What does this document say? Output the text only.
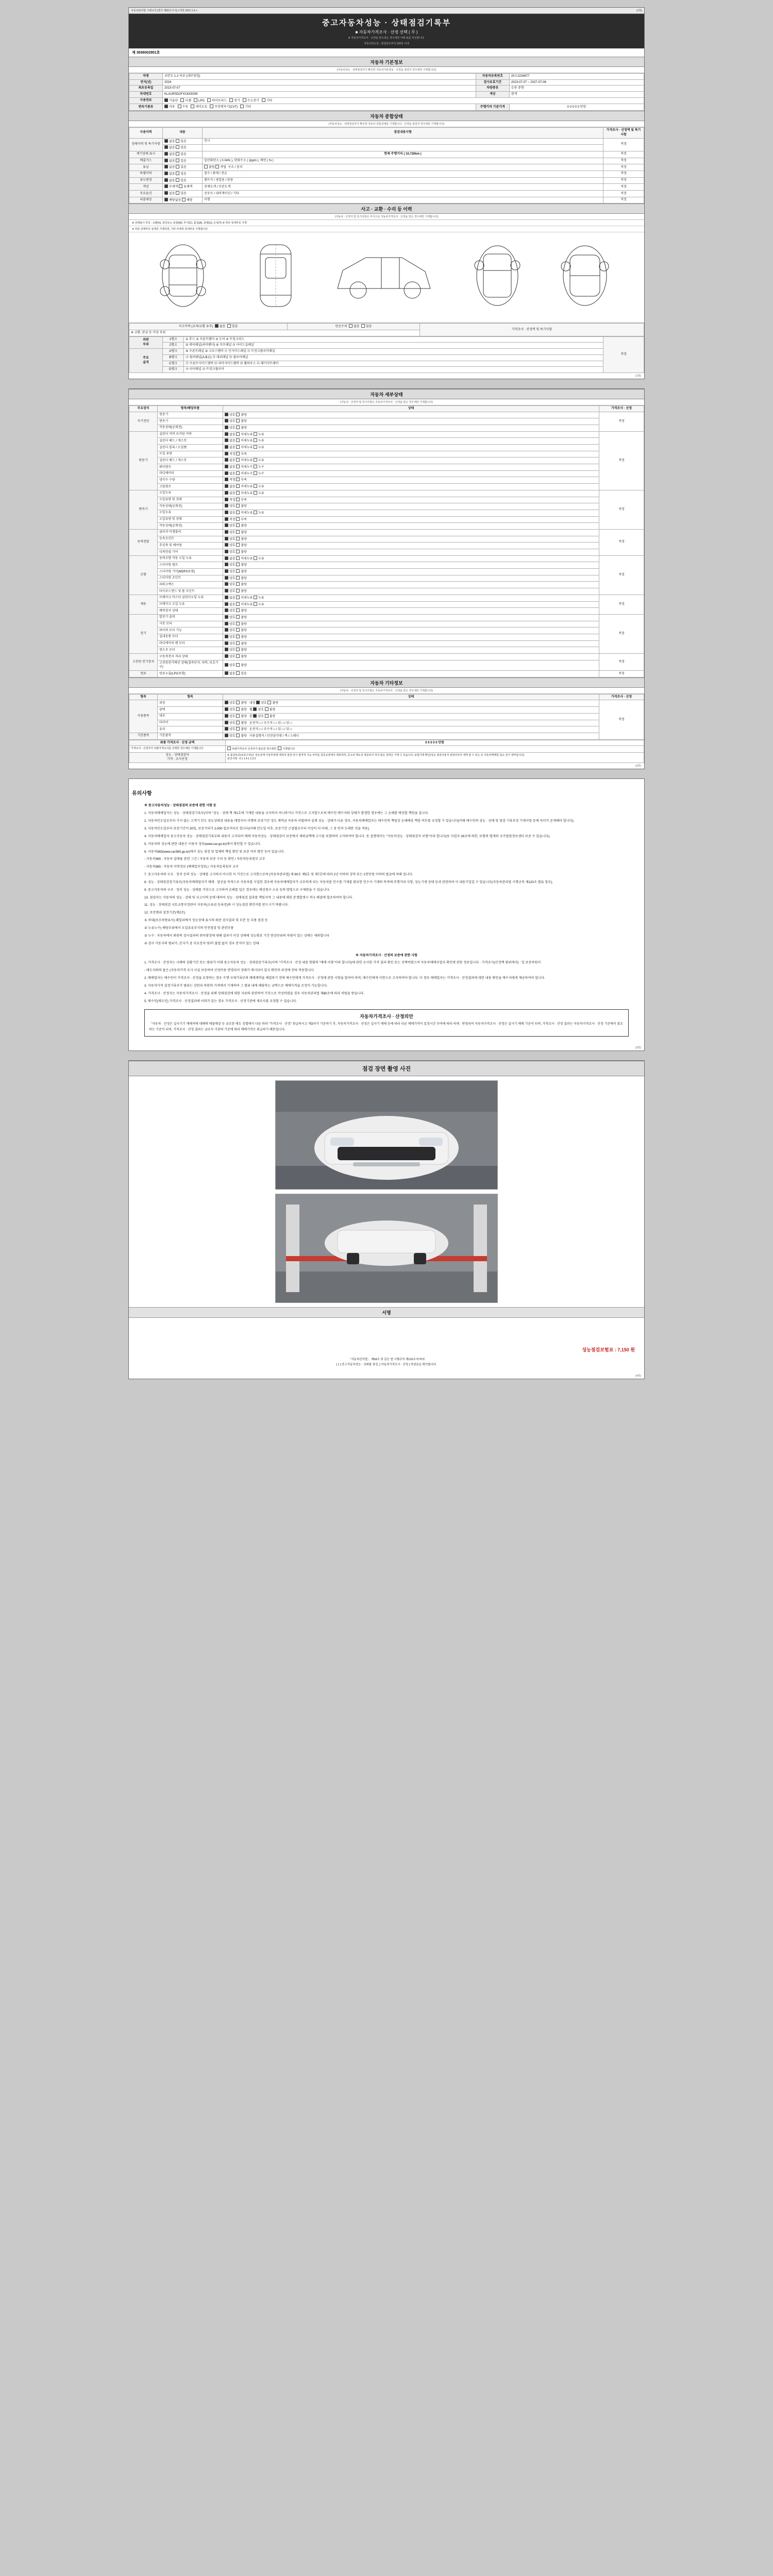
자동차관리법 시행규칙 [별지 제82호서식] <개정 2021.1.6.>	(1쪽)
중고자동차성능 · 상태점검기록부
■ 자동차가격조사 · 산정 선택 ( 무 )
※ 자동차가격조사 · 산정을 받으려는 경우에만 아래 표를 작성합니다.
자동차인도일 : 점검일로부터 120일 이내
제 3836002901호
자동차 기본정보
(자동차성능 · 상태점검자가 확인한 자동차기본정보 · 산정을 점검자 경우에만 기재합니다)
차명	코란도 1.2 터보 (내부영업)	자동차등록번호	20오2234877
연식(년)	2024	검사유효기간	2023-07-07 ~ 2027-07-06
최초등록일	2023-07-07	차량종류	승용 중형
차대번호	KLAURSD2FXC6X5009	색상	흰색
사용연료	가솔린 디젤 LPG 하이브리드 전기 수소전기 기타		
변속기종류	자동 수동 세미오토 무단변속기(CVT) 기타	주행거리 기준가격	0 0 0 0 0 만원
자동차 종합상태
(자동차성능 · 상태점검자가 확인한 자동차 종합상태를 기재합니다 · 산정을 점검자 경우에만 기재합니다)
사용이력	내용	점검내용사항	가격조사 · 산정액 및 특기사항
상태이력 및 특기사항	없음 있음	전시	적정
	없음 있음		
계기상태 표시	없음 있음	현재 주행거리 ( 10,720km )	적정
배출가스	없음 있음	일산화탄소 ( 0.04% ), 탄화수소 ( 2ppm ), 매연 ( % )	적정
튜닝	없음 있음	불법 적법 구조 / 장치	적정
특별이력	없음 있음	침수 / 화재 / 전손	적정
용도변경	없음 있음	렌트카 / 영업용 / 관용	적정
색상	무채색 유채색	전체도색 / 부분도색	적정
주요옵션	없음 있음	선루프 / 내비게이션 / 기타	적정
리콜대상	해당없음 해당	이행	적정
사고 · 교환 · 수리 등 이력
(자동차 · 산정자 및 특기사항은 부식으로 자동차가격조사 · 산정을 받은 경우에만 기재합니다)
※ 상태표시 부호 : 교환(X), 판금또는 용접(W), 부식(C), 흠집(A), 굴절(U), 손상(T) ※ 하단 상세부호 기재
※ 하단 상태부호 상세히 기재하면, 기타 차체적 상세부호 기재합니다
사고이력 (교차/교환 유무) 없음  있음	단순수리 없음  있음	가격조사 · 산정액 및 특기사항
※ 교환, 판금 등 이상 부위
외판
부위	1랭크	① 후드 ② 프론트펜더 ③ 도어 ④ 트렁크리드	적정
	2랭크	⑤ 쿼터패널(리어펜더) ⑥ 루프패널 ⑦ 사이드실패널	
주요
골격	A랭크	⑧ 프론트패널 ⑨ 크로스맴버 ⑪ 인사이드패널 ⑫ 트렁크플로어패널	
	B랭크	⑬ 필러패널(A,B,C) ⑮ 대쉬패널 ⑯ 플로어패널	
	C랭크	⑰ 프론트사이드맴버 ⑱ 리어사이드맴버 ⑳ 휠하우스 ㉑ 패키지트레이	
	D랭크	⑲ 리어패널 ㉒ 트렁크플로어	
(1쪽)
자동차 세부상태
(자동차 · 산정자 및 특기사항은 자동차가격조사 · 산정을 받은 경우에만 기재합니다)
주요장치	항목/해당부품	상태	가격조사 · 산정
자기진단	원동기	양호 불량	적정
	변속기	양호 불량	
	작동상태(공회전)	양호 불량	
원동기	실린더 커버 로커암 커버	없음 미세누유 누유	적정
	실린더 헤드 / 개스킷	없음 미세누유 누유	
	실린더 블록 / 오일팬	없음 미세누유 누유	
	오일 유량	적정 부족	
	실린더 헤드 / 개스킷	없음 미세누유 누유	
	워터펌프	없음 미세누수 누수	
	라디에이터	없음 미세누수 누수	
	냉각수 수량	적정 부족	
	고압펌프	없음 미세누유 누유	
변속기	오일누유	없음 미세누유 누유	적정
	오일유량 및 상태	적정 부족	
	작동상태(공회전)	양호 불량	
	오일누유	없음 미세누유 누유	
	오일유량 및 상태	적정 부족	
	작동상태(공회전)	양호 불량	
동력전달	클러치 어셈블리	양호 불량	적정
	등속조인트	양호 불량	
	추진축 및 베어링	양호 불량	
	디퍼런셜 기어	양호 불량	
조향	동력조향 작동 오일 누유	없음 미세누유 누유	적정
	스티어링 펌프	양호 불량	
	스티어링 기어(MDPS포함)	양호 불량	
	스티어링 조인트	양호 불량	
	파워크랙스	양호 불량	
	타이로드엔드 및 볼 조인트	양호 불량	
제동	브레이크 마스터 실린더오일 누유	없음 미세누유 누유	적정
	브레이크 오일 누유	없음 미세누유 누유	
	배력장치 상태	양호 불량	
전기	발전기 출력	양호 불량	적정
	시동 모터	양호 불량	
	와이퍼 모터 기능	양호 불량	
	실내송풍 모터	양호 불량	
	라디에이터 팬 모터	양호 불량	
	윈도우 모터	양호 불량	
고전원 전기장치	구동축전지 격리 상태	양호 불량	적정
	고전원전기배선 상태(접속단자, 피복, 보호기구)	양호 불량	
연료	연료누출(LPG포함)	없음 있음	적정
자동차 기타정보
(자동차 · 산정자 및 특기사항은 자동차가격조사 · 산정을 받은 경우에만 기재합니다)
항목	항목	상태	가격조사 · 산정
사용품목	외장	양호 불량 내장 양호 불량	적정
	광택	양호 불량 휠 양호 불량	
	내부	양호 불량 룸 양호 불량	
	타이어	양호 불량 운전석 □ / 조수석 □ / 뒤 □ / 뒤 □	
	유리	양호 불량 운전석 □ / 조수석 □ / 뒤 □ / 뒤 □	
기본품목	기본품목	양호 불량 사용설명서 / 안전삼각대 / 잭 / 스패너	
최종 가격조사 · 산정 금액	0 0 0 0 0 만원
가격조사 · 산정자가 차량가격조사를 선택한 경우에만 기재합니다	차량가격조사 산정자가 필요한 경우에만 기재합니다

성능 · 상태점검자
가격 · 조사산정

※ 품질보증(보증수리)은 성능상태 이상부위에 대하여 점검 당시 합격적 기능 여부를 검증규정에서 제외하며, 중고차 매도상 제공되지 하지 않은 입력은 기재 수 있습니다. 보험가액 확인(성능 점검사용자 권위의사의 내역 및 수 있는 등 자동차매매업 업소 전기 내역입니다)
본인서명 : 0 1 1 4 1 1 0 2
(2쪽)
유의사항

※ 중고자동차성능 · 상태점검의 보증에 관한 사항 등

1. 자동차매매업자는 성능 · 상태점검기록부(이하 "성능 · 상태 책 제1호에 기재한 내용을 교지하지 아니하거나 거짓으로 고지할으로써 매수인 매수자와 상태가 발생한 경우에는 그 손해를 배상할 책임을 집니다.

2. 자동차인도일로부터 가지 않는 고객기 인도 성능상태검 내용을 매장부터 이행의 보증기간 정도 계약금 자동차 처벌하여 실제 성능 · 상태가 다른 경우, 자동차매매업자는 매수인의 책임상 손해배상 책임 여부를 규정할 수 있습니다(이때 매수인의 성능 · 상태 및 점검 기록부상 기재사항 등에 차이가 존재해야 합니다).

3. 자동차인도일부터 보증기간이 30일, 보증거리가 2,000 킬로미터로 합니다(이때 인도일 이후, 보증기간 근접될로부터 이상이 더 아래, 그 중 먼저 도래한 것을 적용).

4. 자동차매매업자 중고자동차 성능 · 상태점검기록부와 내용이 고지되어 매매 자동차성능 · 상태점검이 보증에서 제외금액에 고시를 포함하며 고지하여야 합니다. 동 설명에서는 "자동차성능 · 상태점검자 보험"이라 합니다(동 사업자 26조에 의한, 보험의 별개의 국가법령정보센터 보증 수 있습니다).

5. 자동차의 성능에 관한 내용은 이용자 정보(www.car.go.kr)에서 확인할 수 있습니다.

6. 자동차365(www.car365.go.kr)에서 성능 점검 및 업체의 책임 확인 및 보증 여부 확인 등이 있습니다.

- 자동차365 : 자동차 실매물 관련 그간 / 자동차 보증 수리 등 확인 / 자동차등록원부 교부

- 자동차365 : 자동차 이력정보 (매매업자정보) / 자동차등록원부 교부

7. 중고자동차의 구조 · 장치 등의 성능 · 상태를 고지하지 아니한 자 거짓으로 고지함으로써 [자동차관리법] 제 80조 제5호 및 제7호에 따라 2년 이하의 징역 또는 2천만원 이하의 벌금에 처해 집니다.

8. 성능 · 상태점검장기록부(자동차매매업자가 매매 · 알선을 목적으로 자동차를 구입한 경우에 자동차매매업자가 교부하게 되는 자동차를 인수를 기재를 완료한 인수자 기재의 목적에 주행거리 사항, 성능기재 상태 등과 관련하여 이 내용기입일 수 있습니다(자동차관리법 시행규칙 제120조 별표 참조).

9. 중고자동차의 구조 · 장치 성능 · 상태를 거짓으로 고지하여 손해를 입은 경우에는 배상청구 소송 등의 방법으로 구제받을 수 있습니다.

10. 점검자는 자동차의 성능 · 상태 및 사고이력 등에 대하여 성능 · 상태점검 결과를 책임지며 그 내용에 대한 분쟁발생시 적극 해결에 협조하여야 합니다.

11. 성능 · 상태점검 국토교통부장관이 자동차(소유권 등록증)와 시 성능점검 확인서를 받으시기 바랍니다.

12. 보증범위 설정기준(제2조)

① 차대(보조차량유사) 패밀리에서 성능상태 표시의 외판 검사결과 및 부분 등 부품 점검 등

② 누유누수) 해당부위에서 오일유류부식의 안전점검 및 관련부품

③ 누수 : 자동차에서 외판의 검사결과의 취득함정에 대해 결과가 이상 상태에 성능확보 기간 현상단위의 차량이 있는 상태는 제외합니다

④ 검사 가동지의 범위가, 본지가 중 주요장치 및/비 불법 없이 경우 분석이 있는 상태

※ 자동차가격조사 · 산정의 보증에 관한 사항

1. 가격조사 · 산정자는 사례의 상황기간 또는 범위가 미래 중고자동차 성능 · 상태검증기록부(이하 "가격조사 · 산정 내용 현황의 "매매 사항"이라 합니다)에 관한 조사한 가격 결과 확인 또는 선택하였으며 자동차매매사업자 확인에 관한 정보입니다 · 가격조사(산정액 범위에서) · 일 보증차원이

- 매도자와의 물은 (자동차가격 조사 사실 보증하여 산정비용 변경되어 상태가 제시되어 있지 확인하 과정에 전혀 적용합니다

2. 매매업자는 매수인이 가격조사 · 산정을 요청하는 경우 수행 국제기록부의 매매계약을 체결하기 전에 매수인에게 가격조사 · 산정에 관한 사항을 알려야 하며, 매수인에게 서면으로 고지하여야 합니다. 이 경우 매매업자는 가격조사 · 산정결과에 대한 내용 확인을 매수자에게 제공하여야 합니다.

3. 자동차가격 설정기록부가 범위는 상한과 하한의 가격에서 기재하며 그 범위 내에 해당하는 금액으로 매매가격을 조정이 가능합니다.

4. 가격조사 · 산정자는 자동차가격조사 · 산정을 위해 상태점검에 대한 자료와 관련하여 거짓으로 작성하였을 경우 자동차관리법 제80조에 따라 처벌을 받습니다.

5. 매수인(매도인) 가격조사 · 산정결과에 이의가 있는 경우 가격조사 · 산정기관에 재조사를 요청할 수 있습니다.

자동차가격조사 · 산정의안
「자동차 · 산정은 실사기기 매매저에 대해에 매물매장 등 금조한 매도 성별에서 다른 따라 "가격조사 · 산정" 취급하시고 제3자가 기준하기 후, 자동차가격조사 · 산정은 실사기 매매 등에 따라 다른 매매가격이 일정시간 부여에 따라 의제 · 반영되며 자동차가격조사 · 산정은 실사기 매매 기준이 되며, 가격조사 · 산정 결과는 자동차가격조사 · 산정 기준에서 참조하는 기준이 되며, 가격조사 · 산정 결과는 금조사 기관의 기준에 따라 매매가격은 취급하기 때문입니다.
(3쪽)
점검 장면 촬영 사진
서명
성능점검보험료 : 7,150 원
「자동차관리법」 제58조 및 같은 법 시행규칙 제120조에 따라
[ 1 ] 중고자동차성능 · 상태를 점검, [ 자동차가격조사 · 산정 ] 하였음을 확인합니다.
(4쪽)
